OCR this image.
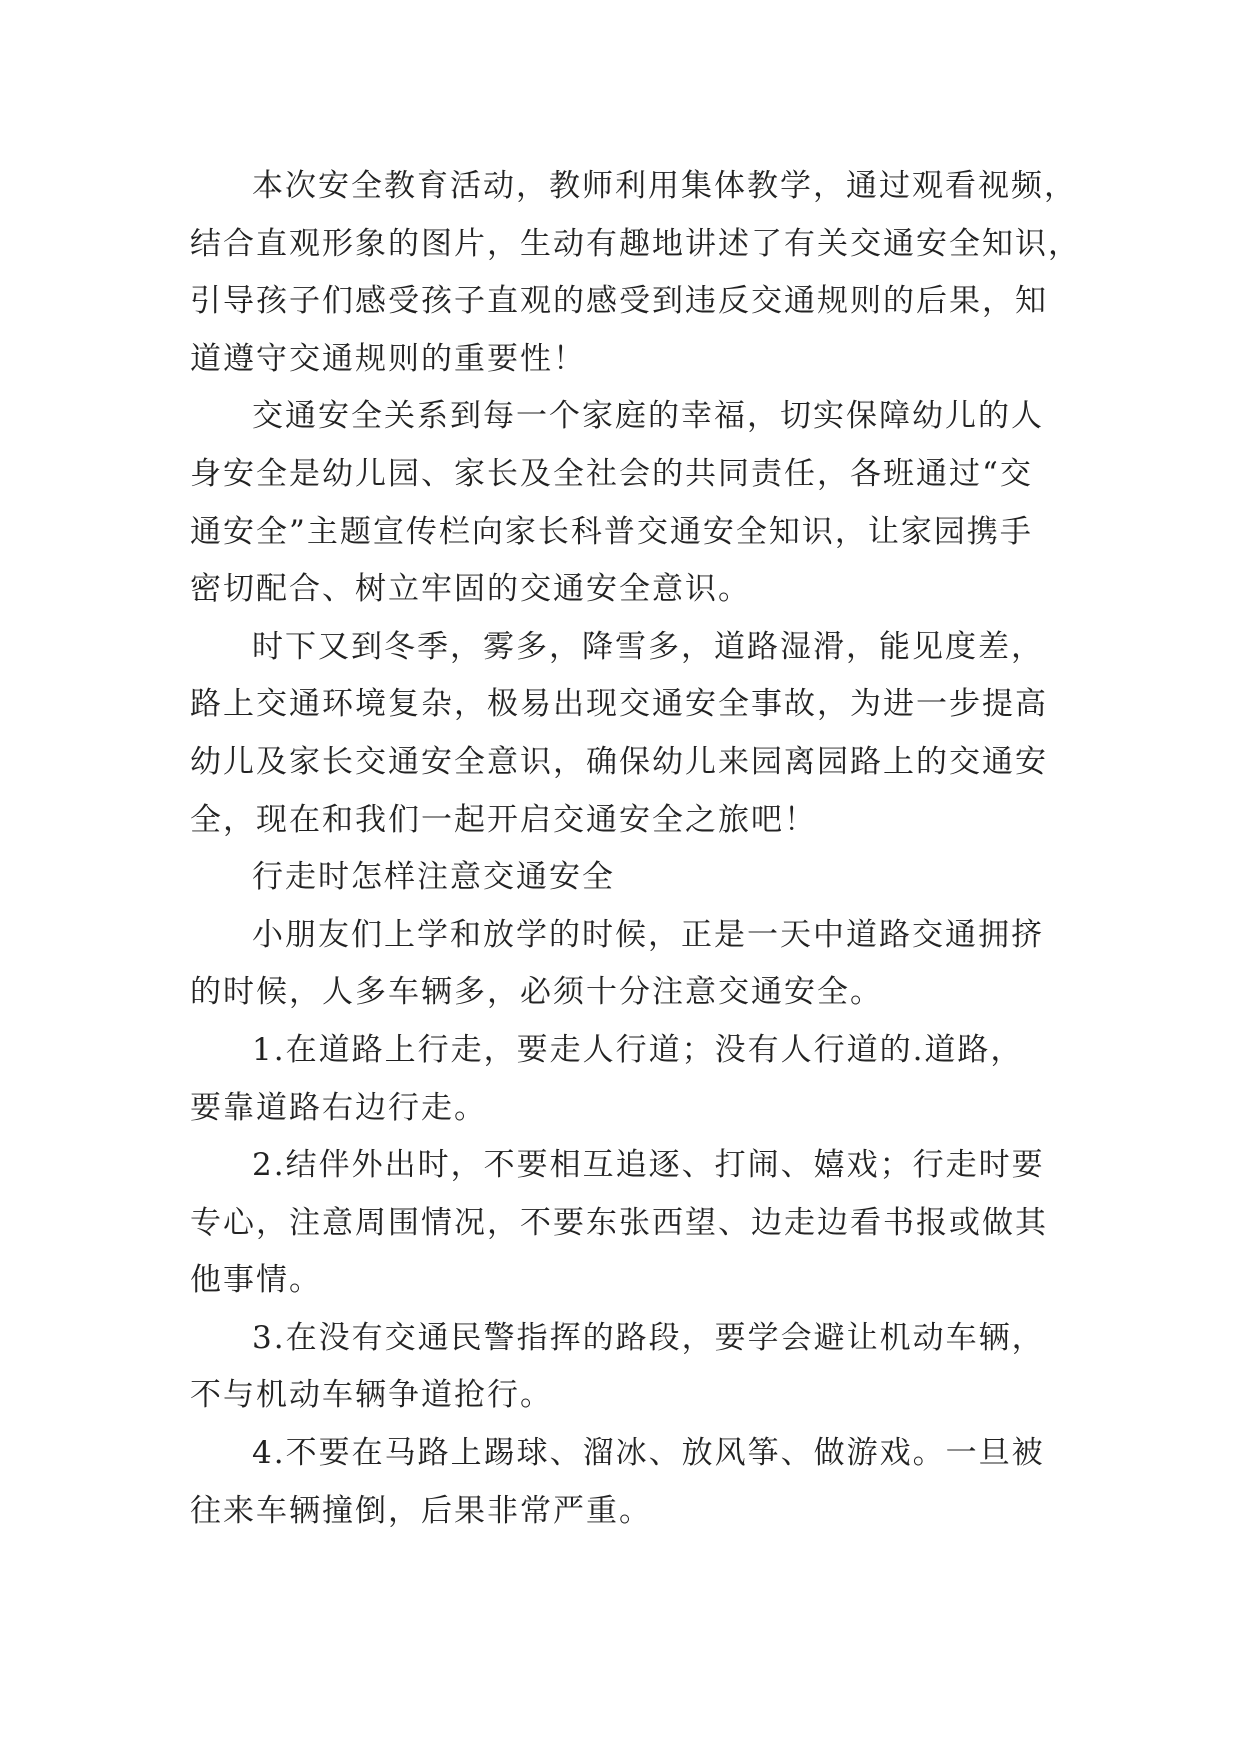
本次安全教育活动，教师利用集体教学，通过观看视频，
结合直观形象的图片，生动有趣地讲述了有关交通安全知识，
引导孩子们感受孩子直观的感受到违反交通规则的后果，知
道遵守交通规则的重要性！

交通安全关系到每一个家庭的幸福，切实保障幼儿的人
身安全是幼儿园、家长及全社会的共同责任，各班通过“交
通安全”主题宣传栏向家长科普交通安全知识，让家园携手
密切配合、树立牢固的交通安全意识。

时下又到冬季，雾多，降雪多，道路湿滑，能见度差，
路上交通环境复杂，极易出现交通安全事故，为进一步提高
幼儿及家长交通安全意识，确保幼儿来园离园路上的交通安
全，现在和我们一起开启交通安全之旅吧！

行走时怎样注意交通安全

小朋友们上学和放学的时候，正是一天中道路交通拥挤
的时候，人多车辆多，必须十分注意交通安全。

1.在道路上行走，要走人行道；没有人行道的.道路，
要靠道路右边行走。

2.结伴外出时，不要相互追逐、打闹、嬉戏；行走时要
专心，注意周围情况，不要东张西望、边走边看书报或做其
他事情。

3.在没有交通民警指挥的路段，要学会避让机动车辆，
不与机动车辆争道抢行。

4.不要在马路上踢球、溜冰、放风筝、做游戏。一旦被
往来车辆撞倒，后果非常严重。
